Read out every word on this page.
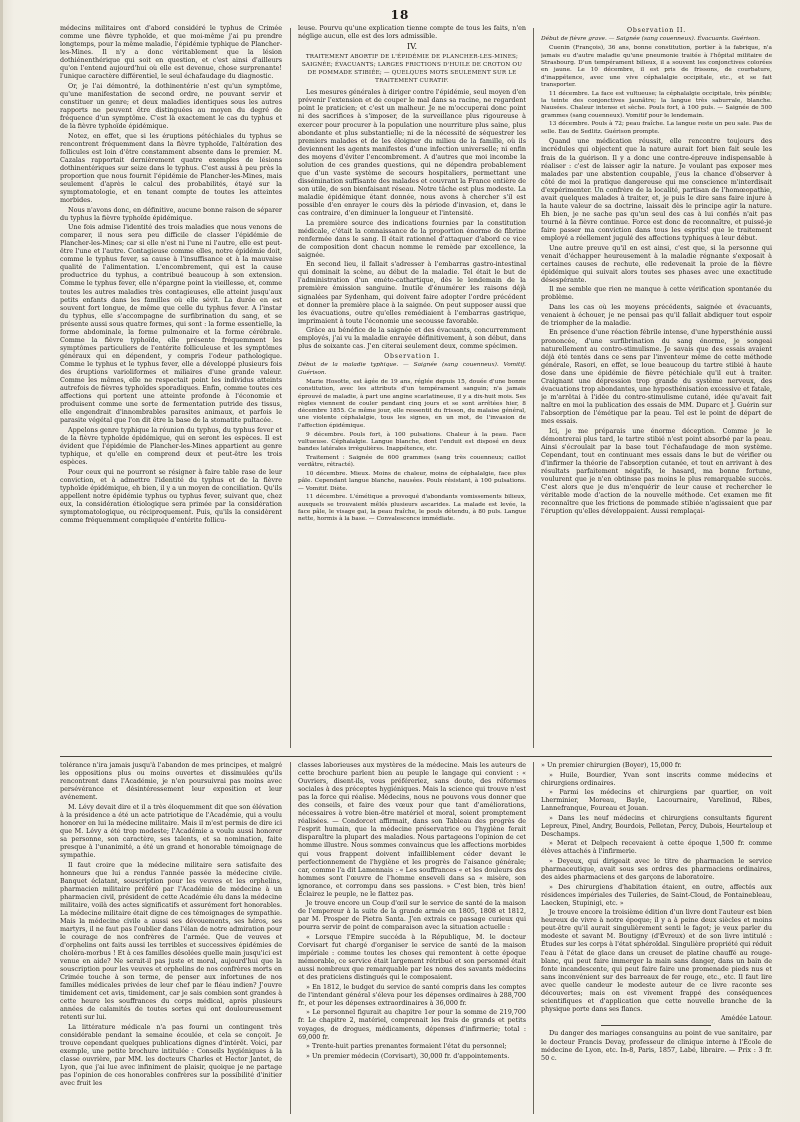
18

médecins militaires ont d'abord considéré le typhus de Crimée comme une fièvre typhoïde, et que moi-même j'ai pu prendre longtemps, pour la même maladie, l'épidémie typhique de Plancher-les-Mines. Il n'y a donc véritablement que la lésion dothiénenthérique qui soit en question, et c'est ainsi d'ailleurs qu'on l'entend aujourd'hui où elle est devenue, chose surprenante! l'unique caractère différentiel, le seul échafaudage du diagnostic.

Or, je l'ai démontré, la dothinentérie n'est qu'un symptôme, qu'une manifestation de second ordre, ne pouvant servir et constituer un genre; et deux maladies identiques sous les autres rapports ne peuvent être distinguées au moyen du degré de fréquence d'un symptôme. C'est là exactement le cas du typhus et de la fièvre typhoïde épidémique.

Notez, en effet, que si les éruptions pétéchiales du typhus se rencontrent fréquemment dans la fièvre typhoïde, l'altération des follicules est loin d'être constamment absente dans le premier. M. Cazalas rapportait dernièrement quatre exemples de lésions dothinentériques sur seize dans le typhus. C'est aussi à peu près la proportion que nous fournit l'épidémie de Plancher-les-Mines, mais seulement d'après le calcul des probabilités, étayé sur la symptomatologie, et en tenant compte de toutes les atteintes morbides.

Nous n'avons donc, en définitive, aucune bonne raison de séparer du typhus la fièvre typhoïde épidémique.

Une fois admise l'identité des trois maladies que nous venons de comparer, il nous sera peu difficile de classer l'épidémie de Plancher-les-Mines; car si elle n'est ni l'une ni l'autre, elle est peut-être l'une et l'autre. Contagieuse comme elles, notre épidémie doit, comme le typhus fever, sa cause à l'insuffisance et à la mauvaise qualité de l'alimentation. L'encombrement, qui est la cause productrice du typhus, a contribué beaucoup à son extension. Comme le typhus fever, elle n'épargne point la vieillesse, et, comme toutes les autres maladies très contagieuses, elle atteint jusqu'aux petits enfants dans les familles où elle sévit. La durée en est souvent fort longue, de même que celle du typhus fever. A l'instar du typhus, elle s'accompagne de surfibrination du sang, et se présente aussi sous quatre formes, qui sont : la forme essentielle, la forme abdominale, la forme pulmonaire et la forme cérébrale. Comme la fièvre typhoïde, elle présente fréquemment les symptômes particuliers de l'entérite folliculeuse et les symptômes généraux qui en dépendent, y compris l'odeur pathologique. Comme le typhus et le typhus fever, elle a développé plusieurs fois des éruptions varioliformes et miliaires d'une grande valeur. Comme les mêmes, elle ne respectait point les individus atteints autrefois de fièvres typhoïdes sporadiques. Enfin, comme toutes ces affections qui portent une atteinte profonde à l'économie et produisent comme une sorte de fermentation putride des tissus, elle engendrait d'innombrables parasites animaux, et parfois le parasite végétal que l'on dit être la base de la stomatite pultacée.

Appelons genre typhique la réunion du typhus, du typhus fever et de la fièvre typhoïde épidémique, qui en seront les espèces. Il est évident que l'épidémie de Plancher-les-Mines appartient au genre typhique, et qu'elle en comprend deux et peut-être les trois espèces.

Pour ceux qui ne pourront se résigner à faire table rase de leur conviction, et à admettre l'identité du typhus et de la fièvre typhoïde épidémique, eh bien, il y a un moyen de conciliation. Qu'ils appellent notre épidémie typhus ou typhus fever, suivant que, chez eux, la considération étiologique sera primée par la considération symptomatologique, ou réciproquement. Puis, qu'ils la considèrent comme fréquemment compliquée d'entérite follicu-

leuse. Pourvu qu'une explication tienne compte de tous les faits, n'en néglige aucun, elle est des lors admissible.

IV.

TRAITEMENT ABORTIF DE L'ÉPIDÉMIE DE PLANCHER-LES-MINES; SAIGNÉE; ÉVACUANTS; LARGES FRICTIONS D'HUILE DE CROTON OU DE POMMADE STIBIÉE; — QUELQUES MOTS SEULEMENT SUR LE TRAITEMENT CURATIF.

Les mesures générales à diriger contre l'épidémie, seul moyen d'en prévenir l'extension et de couper le mal dans sa racine, ne regardent point le praticien; et c'est un malheur. Je ne m'occuperai donc point ni des sacrifices à s'imposer, de la surveillance plus rigoureuse à exercer pour procurer à la population une nourriture plus saine, plus abondante et plus substantielle; ni de la nécessité de séquestrer les premiers malades et de les éloigner du milieu de la famille, où ils deviennent les agents manifestes d'une infection universelle; ni enfin des moyens d'éviter l'encombrement. A d'autres que moi incombe la solution de ces grandes questions, qui ne dépendra probablement que d'un vaste système de secours hospitaliers, permettant une dissémination suffisante des malades et couvrant la France entière de son utile, de son bienfaisant réseau. Notre tâche est plus modeste. La maladie épidémique étant donnée, nous avons à chercher s'il est possible d'en enrayer le cours dès la période d'invasion, et, dans le cas contraire, d'en diminuer la longueur et l'intensité.

La première source des indications fournies par la constitution médicale, c'était la connaissance de la proportion énorme de fibrine renfermée dans le sang. Il était rationnel d'attaquer d'abord ce vice de composition dont chacun nomme le remède par excellence, la saignée.

En second lieu, il fallait s'adresser à l'embarras gastro-intestinal qui dominait la scène, au début de la maladie. Tel était le but de l'administration d'un eméto-cathartique, dès le lendemain de la première émission sanguine. Inutile d'énumérer les raisons déjà signalées par Sydenham, qui doivent faire adopter l'ordre précédent et donner la première place à la saignée. On peut supposer aussi que les évacuations, outre qu'elles remédiaient à l'embarras gastrique, imprimaient à toute l'économie une secousse favorable.

Grâce au bénéfice de la saignée et des évacuants, concurremment employés, j'ai vu la maladie enrayée définitivement, à son début, dans plus de soixante cas. J'en citerai seulement deux, comme spécimen.

Observation I.

Début de la maladie typhique. — Saignée (sang couenneux). Vomitif. Guérison.

Marie Hosotte, est âgée de 19 ans, réglée depuis 15, douée d'une bonne constitution, avec les attributs d'un tempérament sanguin; n'a jamais éprouvé de maladie, à part une angine scarlatineuse, il y a dix-huit mois. Ses règles viennent de couler pendant cinq jours et se sont arrêtées hier, 8 décembre 1855. Ce même jour, elle ressentit du frisson, du malaise général, une violente céphalalgie, tous les signes, en un mot, de l'invasion de l'affection épidémique.

9 décembre. Pouls fort, à 100 pulsations. Chaleur à la peau. Face vultueuse. Céphalalgie. Langue blanche, dont l'enduit est disposé en deux bandes latérales irrégulières. Inappétence, etc.

Traitement : Saignée de 600 grammes (sang très couenneux; caillot verdâtre, rétracté).

10 décembre. Mieux. Moins de chaleur, moins de céphalalgie, face plus pâle. Cependant langue blanche, nausées. Pouls résistant, à 100 pulsations. — Vomitif. Diète.

11 décembre. L'émétique a provoqué d'abondants vomissements bilieux, auxquels se trouvaient mêlés plusieurs ascarides. La malade est levée, la face pâle, le visage gai, la peau fraîche, le pouls détendu, à 80 puls. Langue nette, hormis à la base. — Convalescence immédiate.

Observation II.

Début de fièvre grave. — Saignée (sang couenneux). Évacuants. Guérison.

Cuenin (François), 36 ans, bonne constitution, portier à la fabrique, n'a jamais eu d'autre maladie qu'une pneumonie traitée à l'hôpital militaire de Strasbourg. D'un tempérament bilieux, il a souvent les conjonctives colorées en jaune. Le 10 décembre, il est pris de frissons, de courbature, d'inappétence, avec une vive céphalalgie occipitale, etc., et se fait transporter.

11 décembre. La face est vultueuse; la céphalalgie occipitale, très pénible; la teinte des conjonctives jaunâtre; la langue très saburrale, blanche. Nausées. Chaleur intense et sèche. Pouls fort, à 100 puls. — Saignée de 500 grammes (sang couenneux). Vomitif pour le lendemain.

13 décembre. Pouls à 72; peau fraîche. La langue reste un peu sale. Pas de selle. Eau de Sedlitz. Guérison prompte.

Quand une médication réussit, elle rencontre toujours des incrédules qui objectent que la nature aurait fort bien fait seule les frais de la guérison. Il y a donc une contre-épreuve indispensable à réaliser : c'est de laisser agir la nature. Je voulant pas exposer mes malades par une abstention coupable, j'eus la chance d'observer à côté de moi la pratique dangereuse qui me conscience m'interdisait d'expérimenter. Un confrère de la localité, partisan de l'homœopathie, avait quelques malades à traiter, et, je puis le dire sans faire injure à la haute valeur de sa doctrine, laissait dès le principe agir la nature. Eh bien, je ne sache pas qu'un seul des cas à lui confiés n'ait pas tourné à la fièvre continue. Force est donc de reconnaître, et puissé-je faire passer ma conviction dans tous les esprits! que le traitement employé a réellement jugulé des affections typhiques à leur début.

Une autre preuve qu'il en est ainsi, c'est que, si la personne qui venait d'échapper heureusement à la maladie régnante s'exposait à certaines causes de rechute, elle redevenait la proie de la fièvre épidémique qui suivait alors toutes ses phases avec une exactitude désespérante.

Il me semble que rien ne manque à cette vérification spontanée du problème.

Dans les cas où les moyens précédents, saignée et évacuants, venaient à échouer, je ne pensai pas qu'il fallait abdiquer tout espoir de triompher de la maladie.

En présence d'une réaction fébrile intense, d'une hypersthénie aussi prononcée, d'une surfibrination du sang énorme, je songeai naturellement au contro-stimulisme. Je savais que des essais avaient déjà été tentés dans ce sens par l'inventeur même de cette méthode générale, Rasori, en effet, se loue beaucoup du tartre stibié à haute dose dans une épidémie de fièvre pétéchiale qu'il eut à traiter. Craignant une dépression trop grande du système nerveux, des évacuations trop abondantes, une hyposthénisation excessive et fatale, je m'arrêtai à l'idée du contro-stimulisme cutané, idée qu'avait fait naître en moi la publication des essais de MM. Duparc et J. Guérin sur l'absorption de l'émétique par la peau. Tel est le point de départ de mes essais.

Ici, je me préparais une énorme déception. Comme je le démontrerai plus tard, le tartre stibié n'est point absorbé par la peau. Ainsi s'écroulait par la base tout l'échafaudage de mon système. Cependant, tout en continuant mes essais dans le but de vérifier ou d'infirmer la théorie de l'absorption cutanée, et tout en arrivant à des résultats parfaitement négatifs, le hasard, ma bonne fortune, voulurent que je n'en obtinsse pas moins le plus remarquable succès. C'est alors que je dus m'enquérir de leur cause et rechercher le véritable mode d'action de la nouvelle méthode. Cet examen me fit reconnaître que les frictions de pommade stibiée n'agissaient que par l'éruption qu'elles développaient. Aussi remplaçai-

tolérance n'ira jamais jusqu'à l'abandon de mes principes, et malgré les oppositions plus ou moins ouvertes et dissimulées qu'ils rencontrent dans l'Académie, je n'en poursuivrai pas moins avec persévérance et désintéressement leur exposition et leur avénement.

M. Lévy devait dire et il a très éloquemment dit que son élévation à la présidence a été un acte patriotique de l'Académie, qui a voulu honorer en lui la médecine militaire. Mais il m'est permis de dire ici que M. Lévy a été trop modeste; l'Académie a voulu aussi honorer sa personne, son caractère, ses talents, et sa nomination, faite presque à l'unanimité, a été un grand et honorable témoignage de sympathie.

Il faut croire que la médecine militaire sera satisfaite des honneurs que lui a rendus l'année passée la médecine civile. Banquet éclatant, souscription pour les veuves et les orphelins, pharmacien militaire préféré par l'Académie de médecine à un pharmacien civil, président de cette Académie élu dans la médecine militaire, voilà des actes significatifs et assurément fort honorables. La médecine militaire était digne de ces témoignages de sympathie. Mais la médecine civile a aussi ses dévouements, ses héros, ses martyrs, il ne faut pas l'oublier dans l'élan de notre admiration pour le courage de nos confrères de l'armée. Que de veuves et d'orphelins ont faits aussi les terribles et successives épidémies de choléra-morbus ! Et à ces familles désolées quelle main jusqu'ici est venue en aide? Ne serait-il pas juste et moral, aujourd'hui que la souscription pour les veuves et orphelins de nos confrères morts en Crimée touche à son terme, de penser aux infortunes de nos familles médicales privées de leur chef par le fléau indien? J'ouvre timidement cet avis, timidement, car je sais combien sont grandes à cette heure les souffrances du corps médical, après plusieurs années de calamités de toutes sortes qui ont douloureusement retenti sur lui.

La littérature médicale n'a pas fourni un contingent très considérable pendant la semaine écoulée, et cela se conçoit. Je trouve cependant quelques publications dignes d'intérêt. Voici, par exemple, une petite brochure intitulée : Conseils hygiéniques à la classe ouvrière, par MM. les docteurs Charles et Hector Jantet, de Lyon, que j'ai lue avec infiniment de plaisir, quoique je ne partage pas l'opinion de ces honorables confrères sur la possibilité d'initier avec fruit les

classes laborieuses aux mystères de la médecine. Mais les auteurs de cette brochure parlent bien au peuple le langage qui convient : « Ouvriers, disent-ils, vous préféreriez, sans doute, des réformes sociales à des préceptes hygiéniques. Mais la science qui trouve n'est pas la force qui réalise. Médecins, nous ne pouvons vous donner que des conseils, et faire des vœux pour que tant d'améliorations, nécessaires à votre bien-être matériel et moral, soient promptement réalisées. — Condorcet affirmait, dans son Tableau des progrès de l'esprit humain, que la médecine préservatrice ou l'hygiène ferait disparaître la plupart des maladies. Nous partageons l'opinion de cet homme illustre. Nous sommes convaincus que les affections morbides qui vous frappent doivent infailliblement céder devant le perfectionnement de l'hygiène et les progrès de l'aisance générale; car, comme l'a dit Lamennais : « Les souffrances « et les douleurs des hommes sont l'œuvre de l'homme enseveli dans sa « misère, son ignorance, et corrompu dans ses passions. » C'est bien, très bien! Éclairez le peuple, ne le flattez pas.

Je trouve encore un Coup d'œil sur le service de santé de la maison de l'empereur à la suite de la grande armée en 1805, 1808 et 1812, par M. Prosper de Pietra Santa. J'en extrais ce passage curieux qui pourra servir de point de comparaison avec la situation actuelle :

« Lorsque l'Empire succéda à la République, M. le docteur Corvisart fut chargé d'organiser le service de santé de la maison impériale : comme toutes les choses qui remontent à cette époque mémorable, ce service était largement rétribué et son personnel était aussi nombreux que remarquable par les noms des savants médecins et des praticiens distingués qui le composaient.

» En 1812, le budget du service de santé compris dans les comptes de l'intendant général s'éleva pour les dépenses ordinaires à 288,700 fr., et pour les dépenses extraordinaires à 36,000 fr.

» Le personnel figurait au chapitre 1er pour la somme de 219,700 fr. Le chapitre 2, matériel, comprenait les frais de grands et petits voyages, de drogues, médicaments, dépenses d'infirmerie; total : 69,000 fr.

» Trente-huit parties prenantes formaient l'état du personnel;

» Un premier médecin (Corvisart), 30,000 fr. d'appointements.

» Un premier chirurgien (Boyer), 15,000 fr.

» Huile, Bourdier, Yvan sont inscrits comme médecins et chirurgiens ordinaires.

» Parmi les médecins et chirurgiens par quartier, on voit Lherminier, Moreau, Bayle, Lacournaire, Varelinud, Ribes, Lannefranque, Foureau et Jouan.

» Dans les neuf médecins et chirurgiens consultants figurent Lepreux, Pinel, Andry, Bourdois, Pelletan, Percy, Dubois, Heurteloup et Deschamps.

» Merat et Delpech recevaient à cette époque 1,500 fr. comme élèves attachés à l'infirmerie.

» Deyeux, qui dirigeait avec le titre de pharmacien le service pharmaceutique, avait sous ses ordres des pharmaciens ordinaires, des aides pharmaciens et des garçons de laboratoire.

» Des chirurgiens d'habitation étaient, en outre, affectés aux résidences impériales des Tuileries, de Saint-Cloud, de Fontainebleau, Laecken, Stupinigi, etc. »

Je trouve encore la troisième édition d'un livre dont l'auteur est bien heureux de vivre à notre époque; il y a à peine deux siècles et moins peut-être qu'il aurait singulièrement senti le fagot; je veux parler du modeste et savant M. Boutigny (d'Évreux) et de son livre intitulé : Études sur les corps à l'état sphéroïdal. Singulière propriété qui réduit l'eau à l'état de glace dans un creuset de platine chauffé au rouge-blanc, qui peut faire immerger la main sans danger, dans un bain de fonte incandescente, qui peut faire faire une promenade pieds nus et sans inconvénient sur des barreaux de fer rouge, etc., etc. Il faut lire avec quelle candeur le modeste auteur de ce livre raconte ses découvertes; mais on est vivement frappé des conséquences scientifiques et d'application que cette nouvelle branche de la physique porte dans ses flancs.

Amédée Latour.

Du danger des mariages consanguins au point de vue sanitaire, par le docteur Francis Devay, professeur de clinique interne à l'École de médecine de Lyon, etc. In-8, Paris, 1857, Labé, libraire. — Prix : 3 fr. 50 c.
